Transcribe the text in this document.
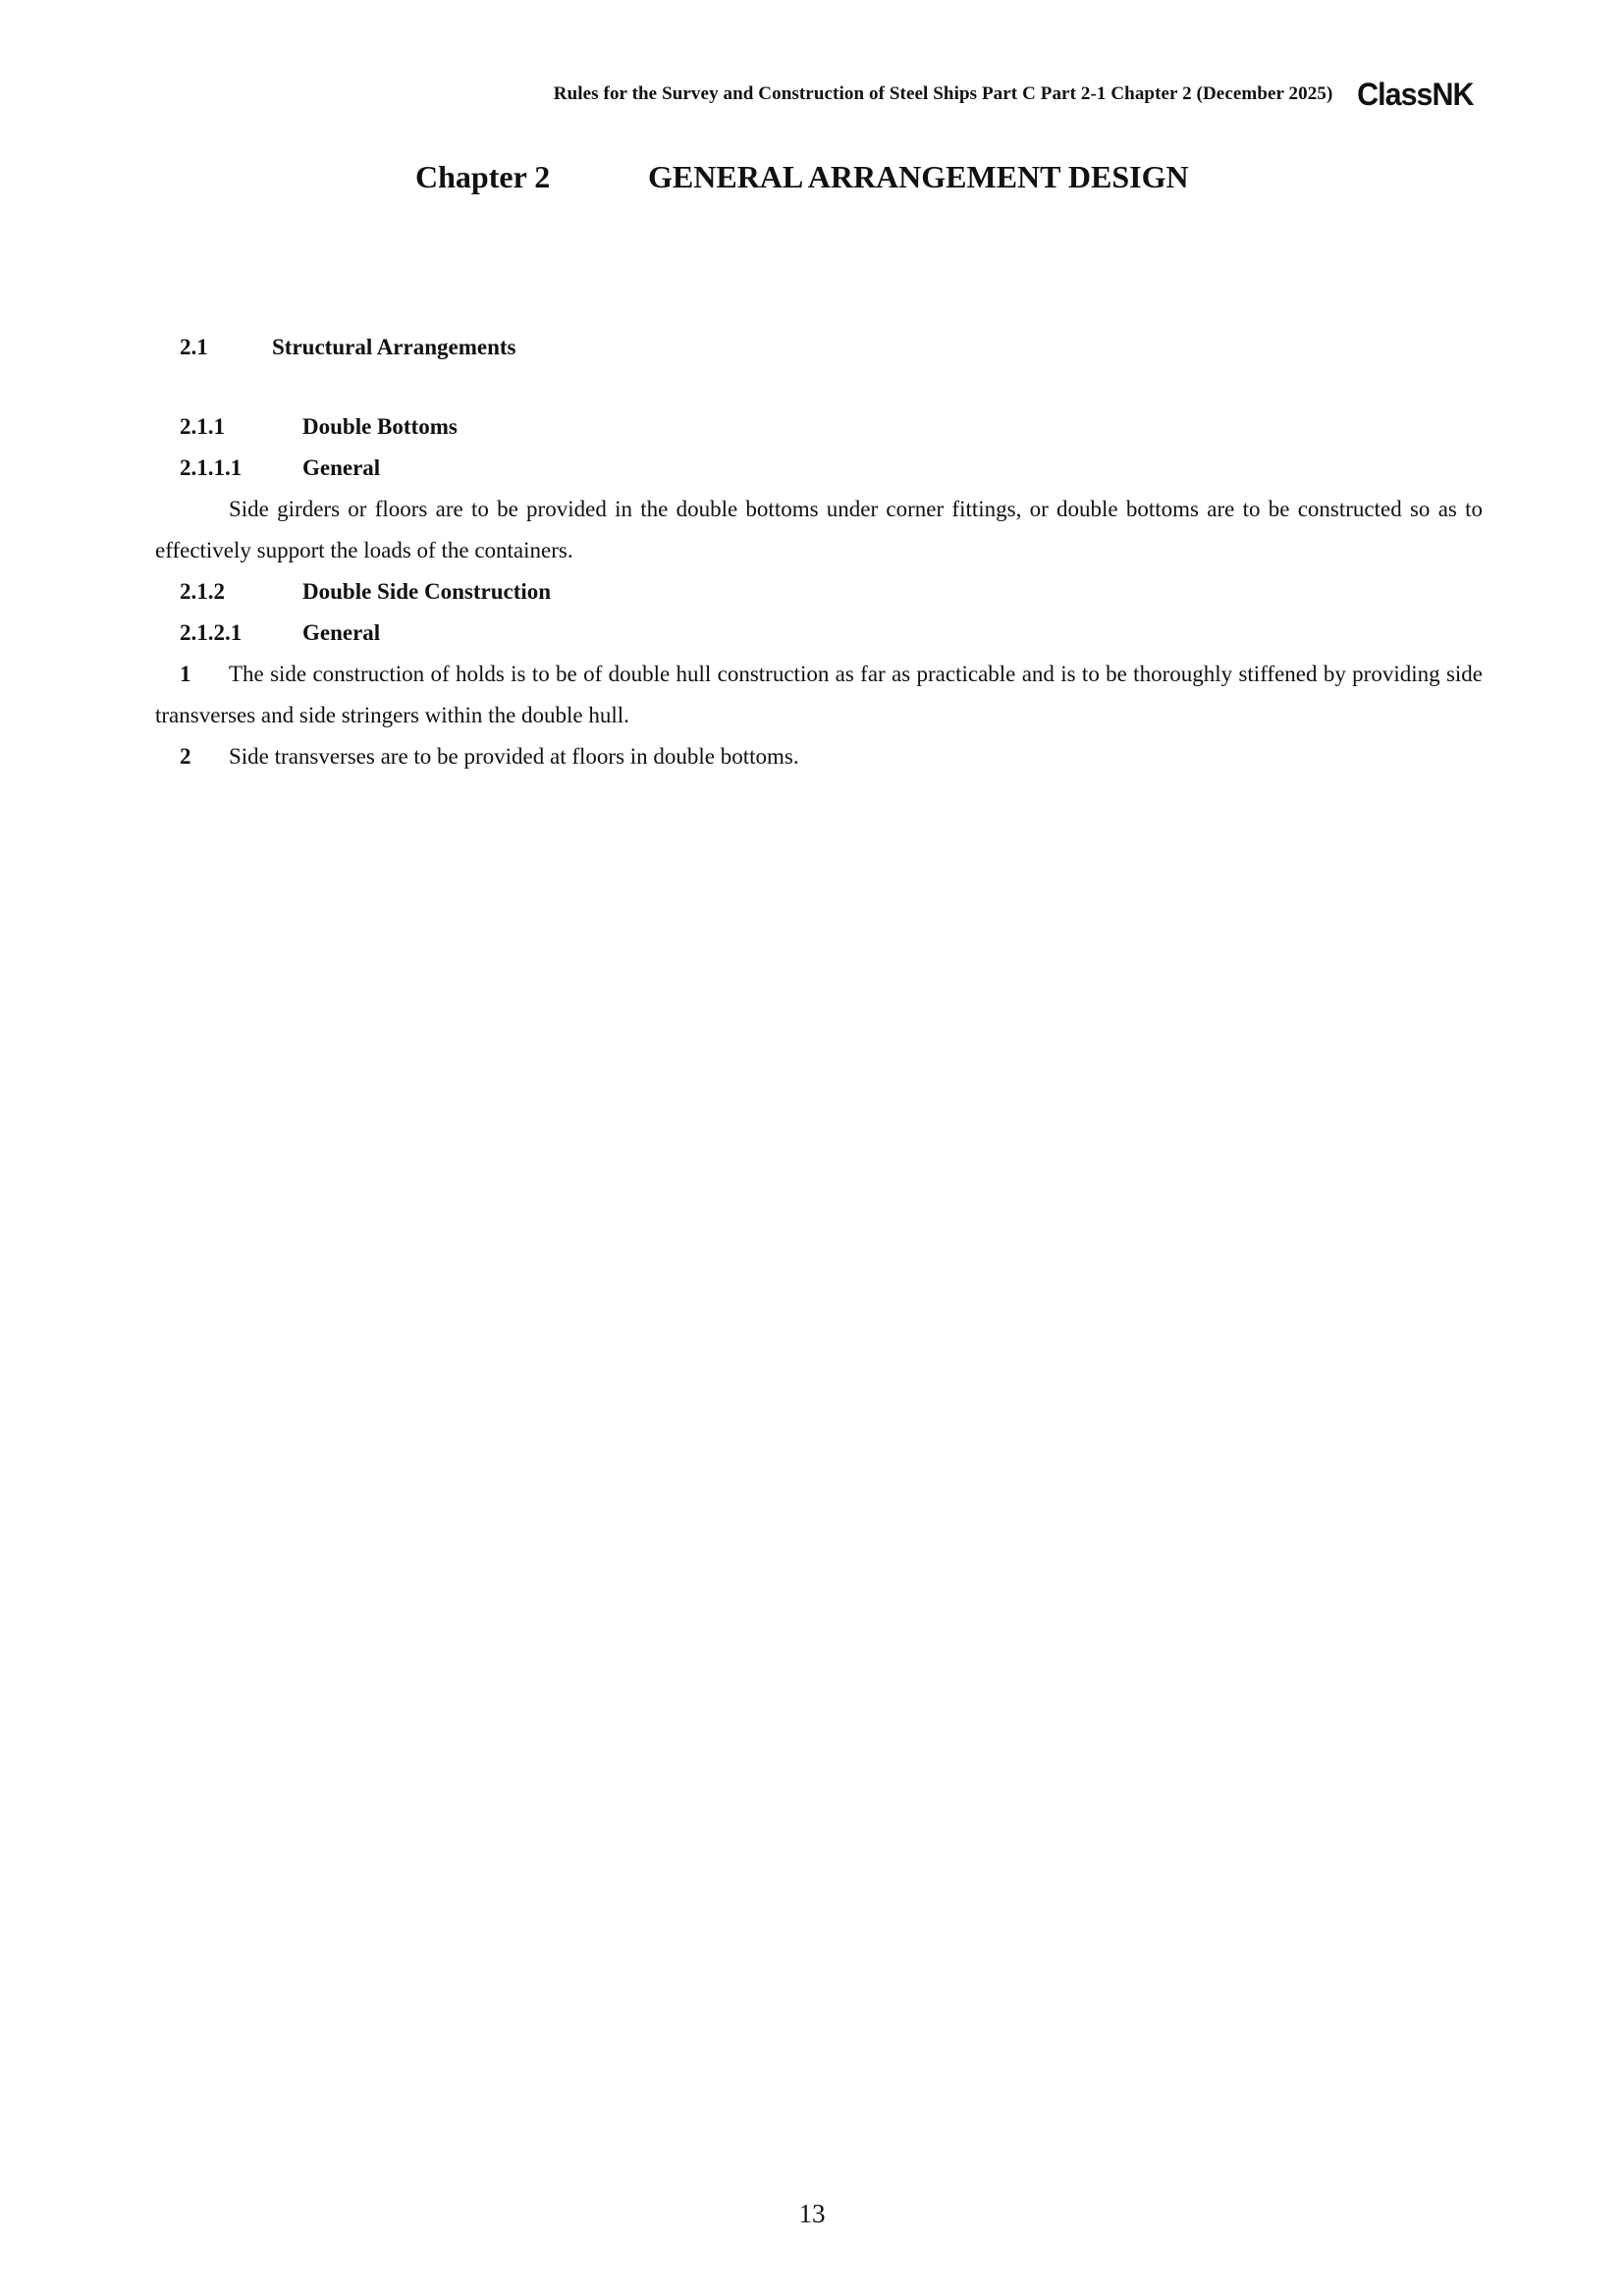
Rules for the Survey and Construction of Steel Ships Part C Part 2-1 Chapter 2 (December 2025) ClassNK
Chapter 2	GENERAL ARRANGEMENT DESIGN
2.1	Structural Arrangements
2.1.1	Double Bottoms
2.1.1.1	General

Side girders or floors are to be provided in the double bottoms under corner fittings, or double bottoms are to be constructed so as to effectively support the loads of the containers.

2.1.2	Double Side Construction
2.1.2.1	General

1 The side construction of holds is to be of double hull construction as far as practicable and is to be thoroughly stiffened by providing side transverses and side stringers within the double hull.

2 Side transverses are to be provided at floors in double bottoms.

13
